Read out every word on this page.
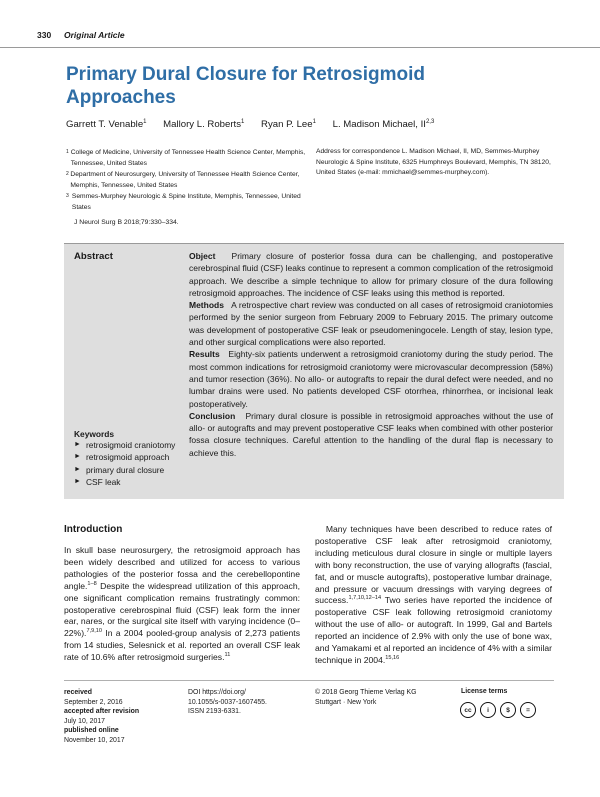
330 Original Article
Primary Dural Closure for Retrosigmoid Approaches
Garrett T. Venable$^1$ Mallory L. Roberts$^1$ Ryan P. Lee$^1$ L. Madison Michael, II$^{2,3}$
1 College of Medicine, University of Tennessee Health Science Center, Memphis, Tennessee, United States
2 Department of Neurosurgery, University of Tennessee Health Science Center, Memphis, Tennessee, United States
3 Semmes-Murphey Neurologic & Spine Institute, Memphis, Tennessee, United States
Address for correspondence L. Madison Michael, II, MD, Semmes-Murphey Neurologic & Spine Institute, 6325 Humphreys Boulevard, Memphis, TN 38120, United States (e-mail: mmichael@semmes-murphey.com).
J Neurol Surg B 2018;79:330–334.
Abstract	Object Primary closure of posterior fossa dura can be challenging, and postoperative cerebrospinal fluid (CSF) leaks continue to represent a common complication of the retrosigmoid approach. We describe a simple technique to allow for primary closure of the dura following retrosigmoid approaches. The incidence of CSF leaks using this method is reported.
Methods A retrospective chart review was conducted on all cases of retrosigmoid craniotomies performed by the senior surgeon from February 2009 to February 2015. The primary outcome was development of postoperative CSF leak or pseudomeningocele. Length of stay, lesion type, and other surgical complications were also reported.
Results Eighty-six patients underwent a retrosigmoid craniotomy during the study period. The most common indications for retrosigmoid craniotomy were microvascular decompression (58%) and tumor resection (36%). No allo- or autografts to repair the dural defect were needed, and no lumbar drains were used. No patients developed CSF otorrhea, rhinorrhea, or incisional leak postoperatively.
Conclusion Primary dural closure is possible in retrosigmoid approaches without the use of allo- or autografts and may prevent postoperative CSF leaks when combined with other posterior fossa closure techniques. Careful attention to the handling of the dural flap is necessary to achieve this.
Keywords
► retrosigmoid craniotomy
► retrosigmoid approach
► primary dural closure
► CSF leak
Introduction
In skull base neurosurgery, the retrosigmoid approach has been widely described and utilized for access to various pathologies of the posterior fossa and the cerebellopontine angle.$^{1-8}$ Despite the widespread utilization of this approach, one significant complication remains frustratingly common: postoperative cerebrospinal fluid (CSF) leak form the inner ear, nares, or the surgical site itself with varying incidence (0–22%).$^{7,9,10}$ In a 2004 pooled-group analysis of 2,273 patients from 14 studies, Selesnick et al. reported an overall CSF leak rate of 10.6% after retrosigmoid surgeries.$^{11}$
Many techniques have been described to reduce rates of postoperative CSF leak after retrosigmoid craniotomy, including meticulous dural closure in single or multiple layers with bony reconstruction, the use of varying allografts (fascial, fat, and or muscle autografts), postoperative lumbar drainage, and pressure or vacuum dressings with varying degrees of success.$^{1,7,10,12-14}$ Two series have reported the incidence of postoperative CSF leak following retrosigmoid craniotomy without the use of allo- or autograft. In 1999, Gal and Bartels reported an incidence of 2.9% with only the use of bone wax, and Yamakami et al reported an incidence of 4% with a similar technique in 2004.$^{15,16}$
received
September 2, 2016
accepted after revision
July 10, 2017
published online
November 10, 2017
DOI https://doi.org/
10.1055/s-0037-1607455.
ISSN 2193-6331.
© 2018 Georg Thieme Verlag KG
Stuttgart · New York
License terms
cc	i	$	=
